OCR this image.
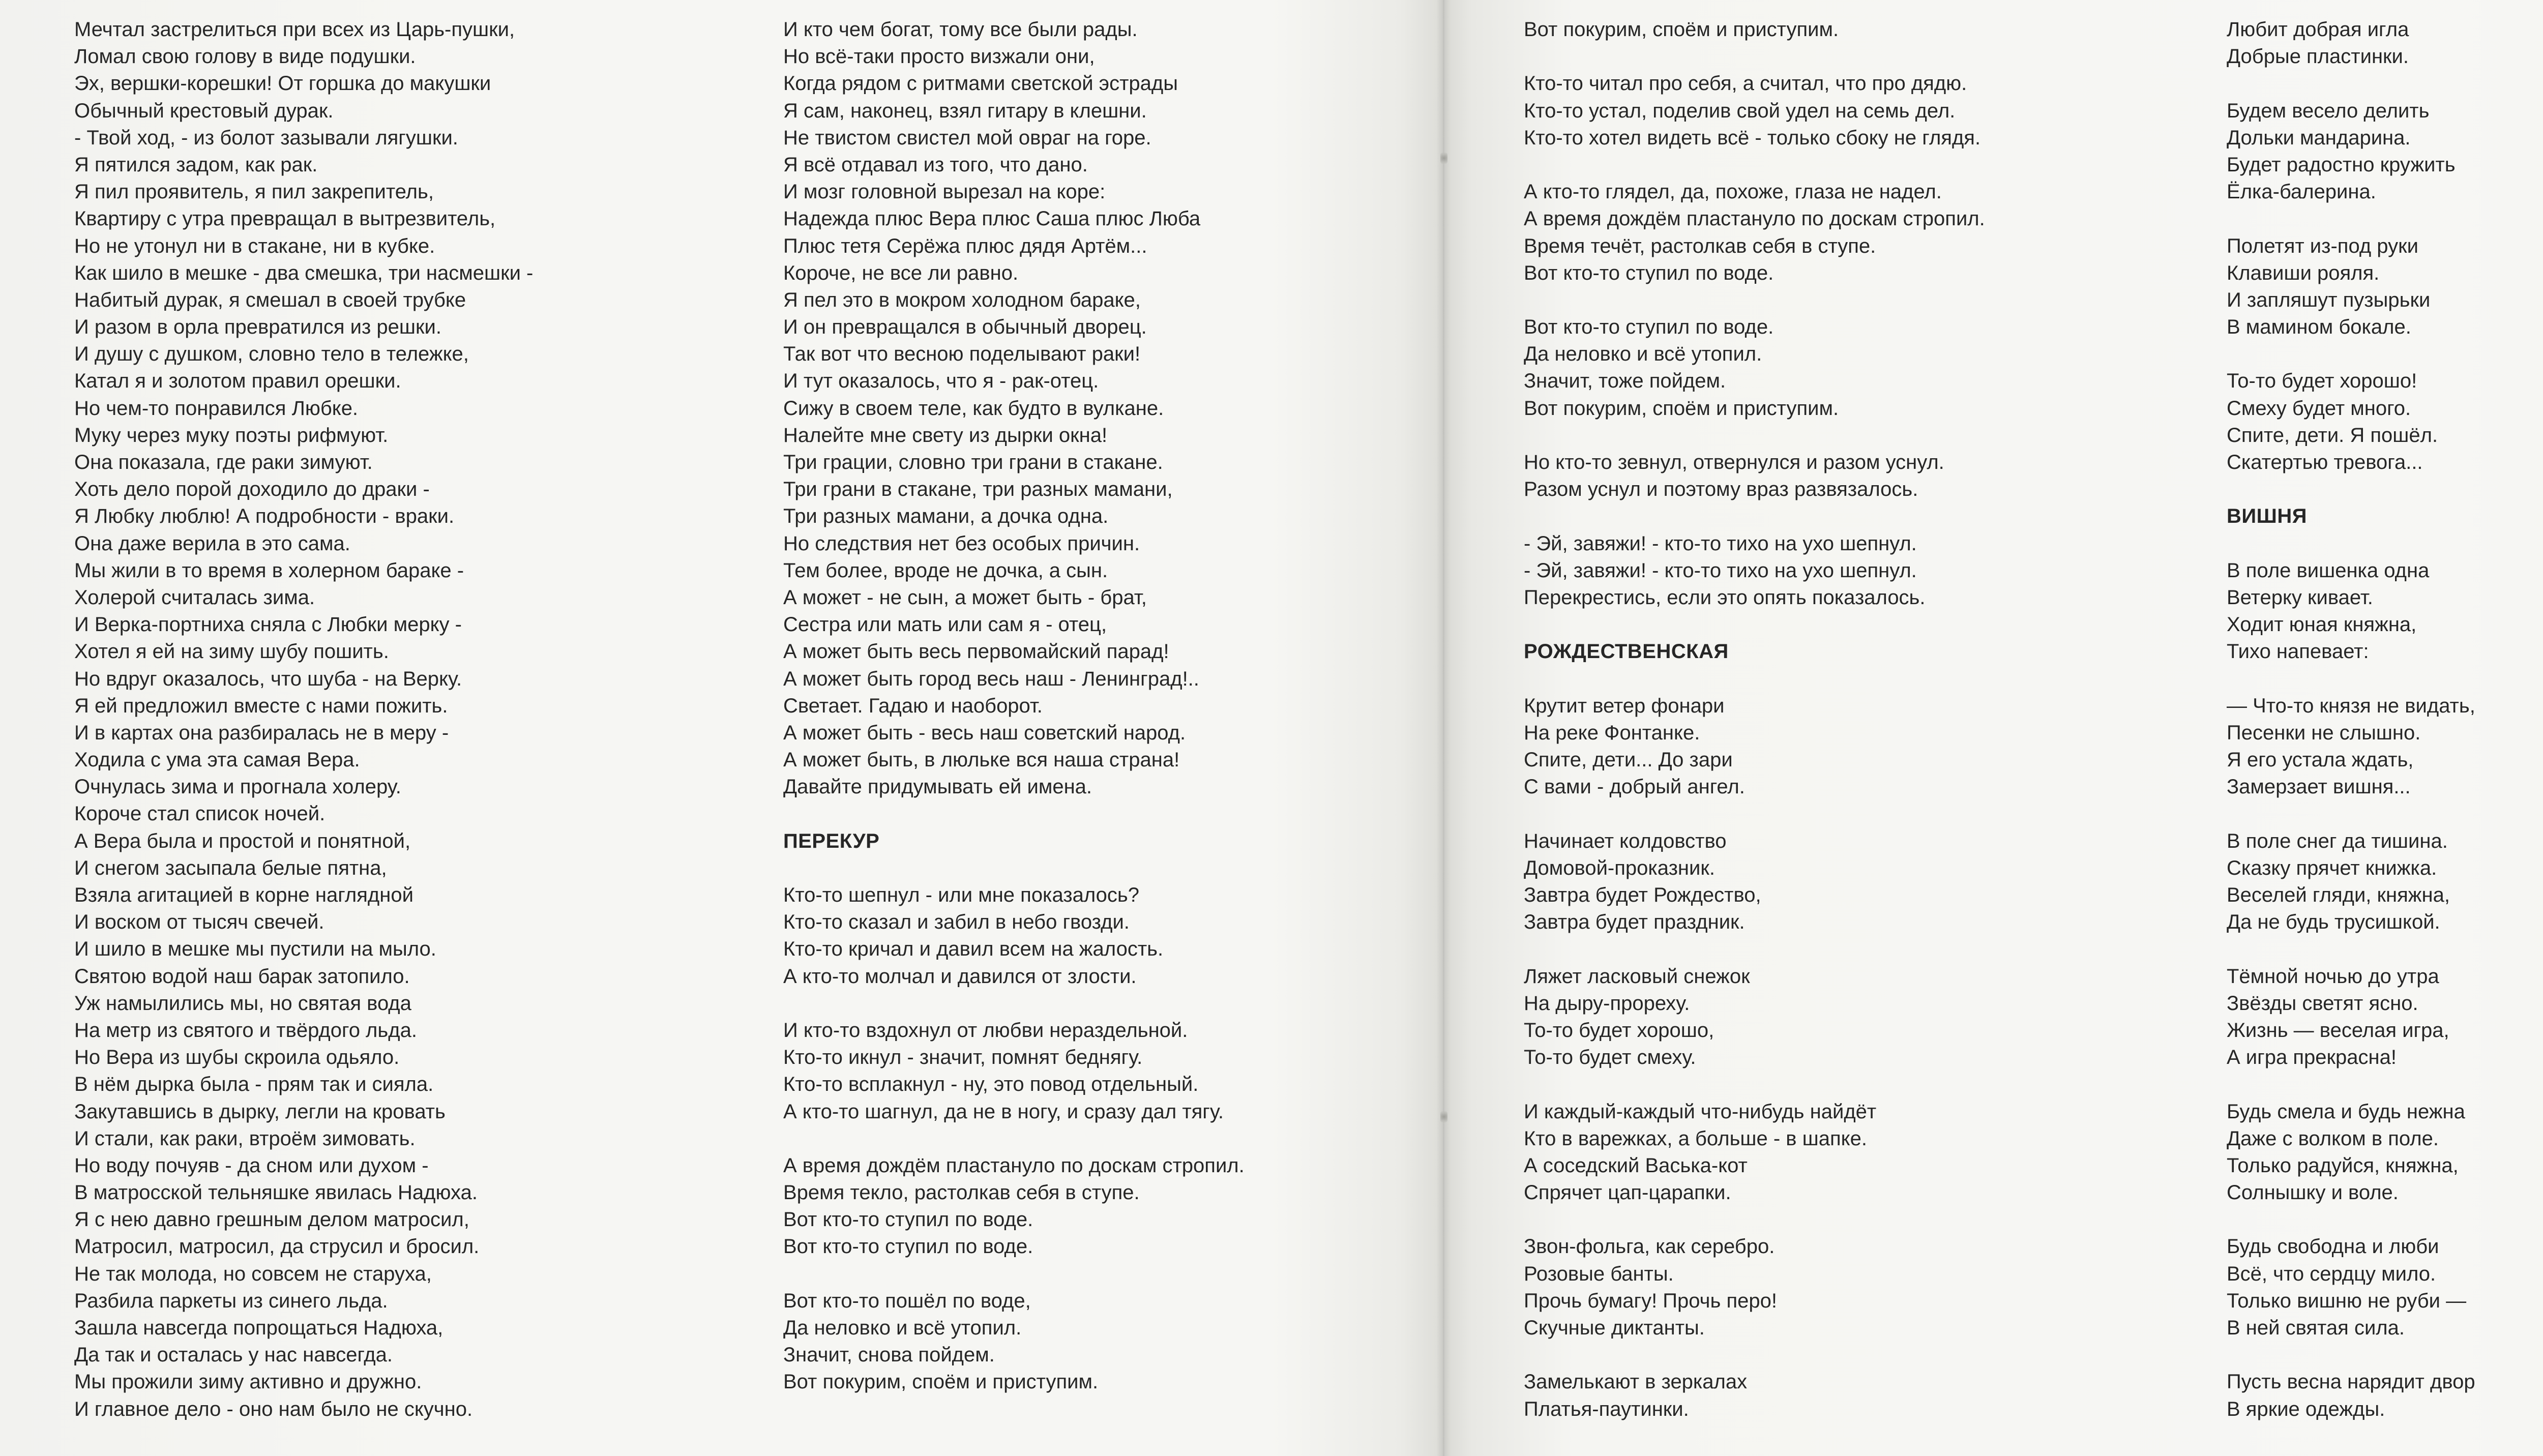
Мечтал застрелиться при всех из Царь-пушки,
Ломал свою голову в виде подушки.
Эх, вершки-корешки! От горшка до макушки
Обычный крестовый дурак.
- Твой ход, - из болот зазывали лягушки.
Я пятился задом, как рак.
Я пил проявитель, я пил закрепитель,
Квартиру с утра превращал в вытрезвитель,
Но не утонул ни в стакане, ни в кубке.
Как шило в мешке - два смешка, три насмешки -
Набитый дурак, я смешал в своей трубке
И разом в орла превратился из решки.
И душу с душком, словно тело в тележке,
Катал я и золотом правил орешки.
Но чем-то понравился Любке.
Муку через муку поэты рифмуют.
Она показала, где раки зимуют.
Хоть дело порой доходило до драки -
Я Любку люблю! А подробности - враки.
Она даже верила в это сама.
Мы жили в то время в холерном бараке -
Холерой считалась зима.
И Верка-портниха сняла с Любки мерку -
Хотел я ей на зиму шубу пошить.
Но вдруг оказалось, что шуба - на Верку.
Я ей предложил вместе с нами пожить.
И в картах она разбиралась не в меру -
Ходила с ума эта самая Вера.
Очнулась зима и прогнала холеру.
Короче стал список ночей.
А Вера была и простой и понятной,
И снегом засыпала белые пятна,
Взяла агитацией в корне наглядной
И воском от тысяч свечей.
И шило в мешке мы пустили на мыло.
Святою водой наш барак затопило.
Уж намылились мы, но святая вода
На метр из святого и твёрдого льда.
Но Вера из шубы скроила одьяло.
В нём дырка была - прям так и сияла.
Закутавшись в дырку, легли на кровать
И стали, как раки, втроём зимовать.
Но воду почуяв - да сном или духом -
В матросской тельняшке явилась Надюха.
Я с нею давно грешным делом матросил,
Матросил, матросил, да струсил и бросил.
Не так молода, но совсем не старуха,
Разбила паркеты из синего льда.
Зашла навсегда попрощаться Надюха,
Да так и осталась у нас навсегда.
Мы прожили зиму активно и дружно.
И главное дело - оно нам было не скучно.
И кто чем богат, тому все были рады.
Но всё-таки просто визжали они,
Когда рядом с ритмами светской эстрады
Я сам, наконец, взял гитару в клешни.
Не твистом свистел мой овраг на горе.
Я всё отдавал из того, что дано.
И мозг головной вырезал на коре:
Надежда плюс Вера плюс Саша плюс Люба
Плюс тетя Серёжа плюс дядя Артём...
Короче, не все ли равно.
Я пел это в мокром холодном бараке,
И он превращался в обычный дворец.
Так вот что весною поделывают раки!
И тут оказалось, что я - рак-отец.
Сижу в своем теле, как будто в вулкане.
Налейте мне свету из дырки окна!
Три грации, словно три грани в стакане.
Три грани в стакане, три разных мамани,
Три разных мамани, а дочка одна.
Но следствия нет без особых причин.
Тем более, вроде не дочка, а сын.
А может - не сын, а может быть - брат,
Сестра или мать или сам я - отец,
А может быть весь первомайский парад!
А может быть город весь наш - Ленинград!..
Светает. Гадаю и наоборот.
А может быть - весь наш советский народ.
А может быть, в люльке вся наша страна!
Давайте придумывать ей имена.
ПЕРЕКУР
Кто-то шепнул - или мне показалось?
Кто-то сказал и забил в небо гвозди.
Кто-то кричал и давил всем на жалость.
А кто-то молчал и давился от злости.
И кто-то вздохнул от любви нераздельной.
Кто-то икнул - значит, помнят беднягу.
Кто-то всплакнул - ну, это повод отдельный.
А кто-то шагнул, да не в ногу, и сразу дал тягу.
А время дождём пластануло по доскам стропил.
Время текло, растолкав себя в ступе.
Вот кто-то ступил по воде.
Вот кто-то ступил по воде.
Вот кто-то пошёл по воде,
Да неловко и всё утопил.
Значит, снова пойдем.
Вот покурим, споём и приступим.
Вот покурим, споём и приступим.
Кто-то читал про себя, а считал, что про дядю.
Кто-то устал, поделив свой удел на семь дел.
Кто-то хотел видеть всё - только сбоку не глядя.
А кто-то глядел, да, похоже, глаза не надел.
А время дождём пластануло по доскам стропил.
Время течёт, растолкав себя в ступе.
Вот кто-то ступил по воде.
Вот кто-то ступил по воде.
Да неловко и всё утопил.
Значит, тоже пойдем.
Вот покурим, споём и приступим.
Но кто-то зевнул, отвернулся и разом уснул.
Разом уснул и поэтому враз развязалось.
- Эй, завяжи! - кто-то тихо на ухо шепнул.
- Эй, завяжи! - кто-то тихо на ухо шепнул.
Перекрестись, если это опять показалось.
РОЖДЕСТВЕНСКАЯ
Крутит ветер фонари
На реке Фонтанке.
Спите, дети... До зари
С вами - добрый ангел.
Начинает колдовство
Домовой-проказник.
Завтра будет Рождество,
Завтра будет праздник.
Ляжет ласковый снежок
На дыру-прореху.
То-то будет хорошо,
То-то будет смеху.
И каждый-каждый что-нибудь найдёт
Кто в варежках, а больше - в шапке.
А соседский Васька-кот
Спрячет цап-царапки.
Звон-фольга, как серебро.
Розовые банты.
Прочь бумагу! Прочь перо!
Скучные диктанты.
Замелькают в зеркалах
Платья-паутинки.
Любит добрая игла
Добрые пластинки.
Будем весело делить
Дольки мандарина.
Будет радостно кружить
Ёлка-балерина.
Полетят из-под руки
Клавиши рояля.
И запляшут пузырьки
В мамином бокале.
То-то будет хорошо!
Смеху будет много.
Спите, дети. Я пошёл.
Скатертью тревога...
ВИШНЯ
В поле вишенка одна
Ветерку кивает.
Ходит юная княжна,
Тихо напевает:
— Что-то князя не видать,
Песенки не слышно.
Я его устала ждать,
Замерзает вишня...
В поле снег да тишина.
Сказку прячет книжка.
Веселей гляди, княжна,
Да не будь трусишкой.
Тёмной ночью до утра
Звёзды светят ясно.
Жизнь — веселая игра,
А игра прекрасна!
Будь смела и будь нежна
Даже с волком в поле.
Только радуйся, княжна,
Солнышку и воле.
Будь свободна и люби
Всё, что сердцу мило.
Только вишню не руби —
В ней святая сила.
Пусть весна нарядит двор
В яркие одежды.
